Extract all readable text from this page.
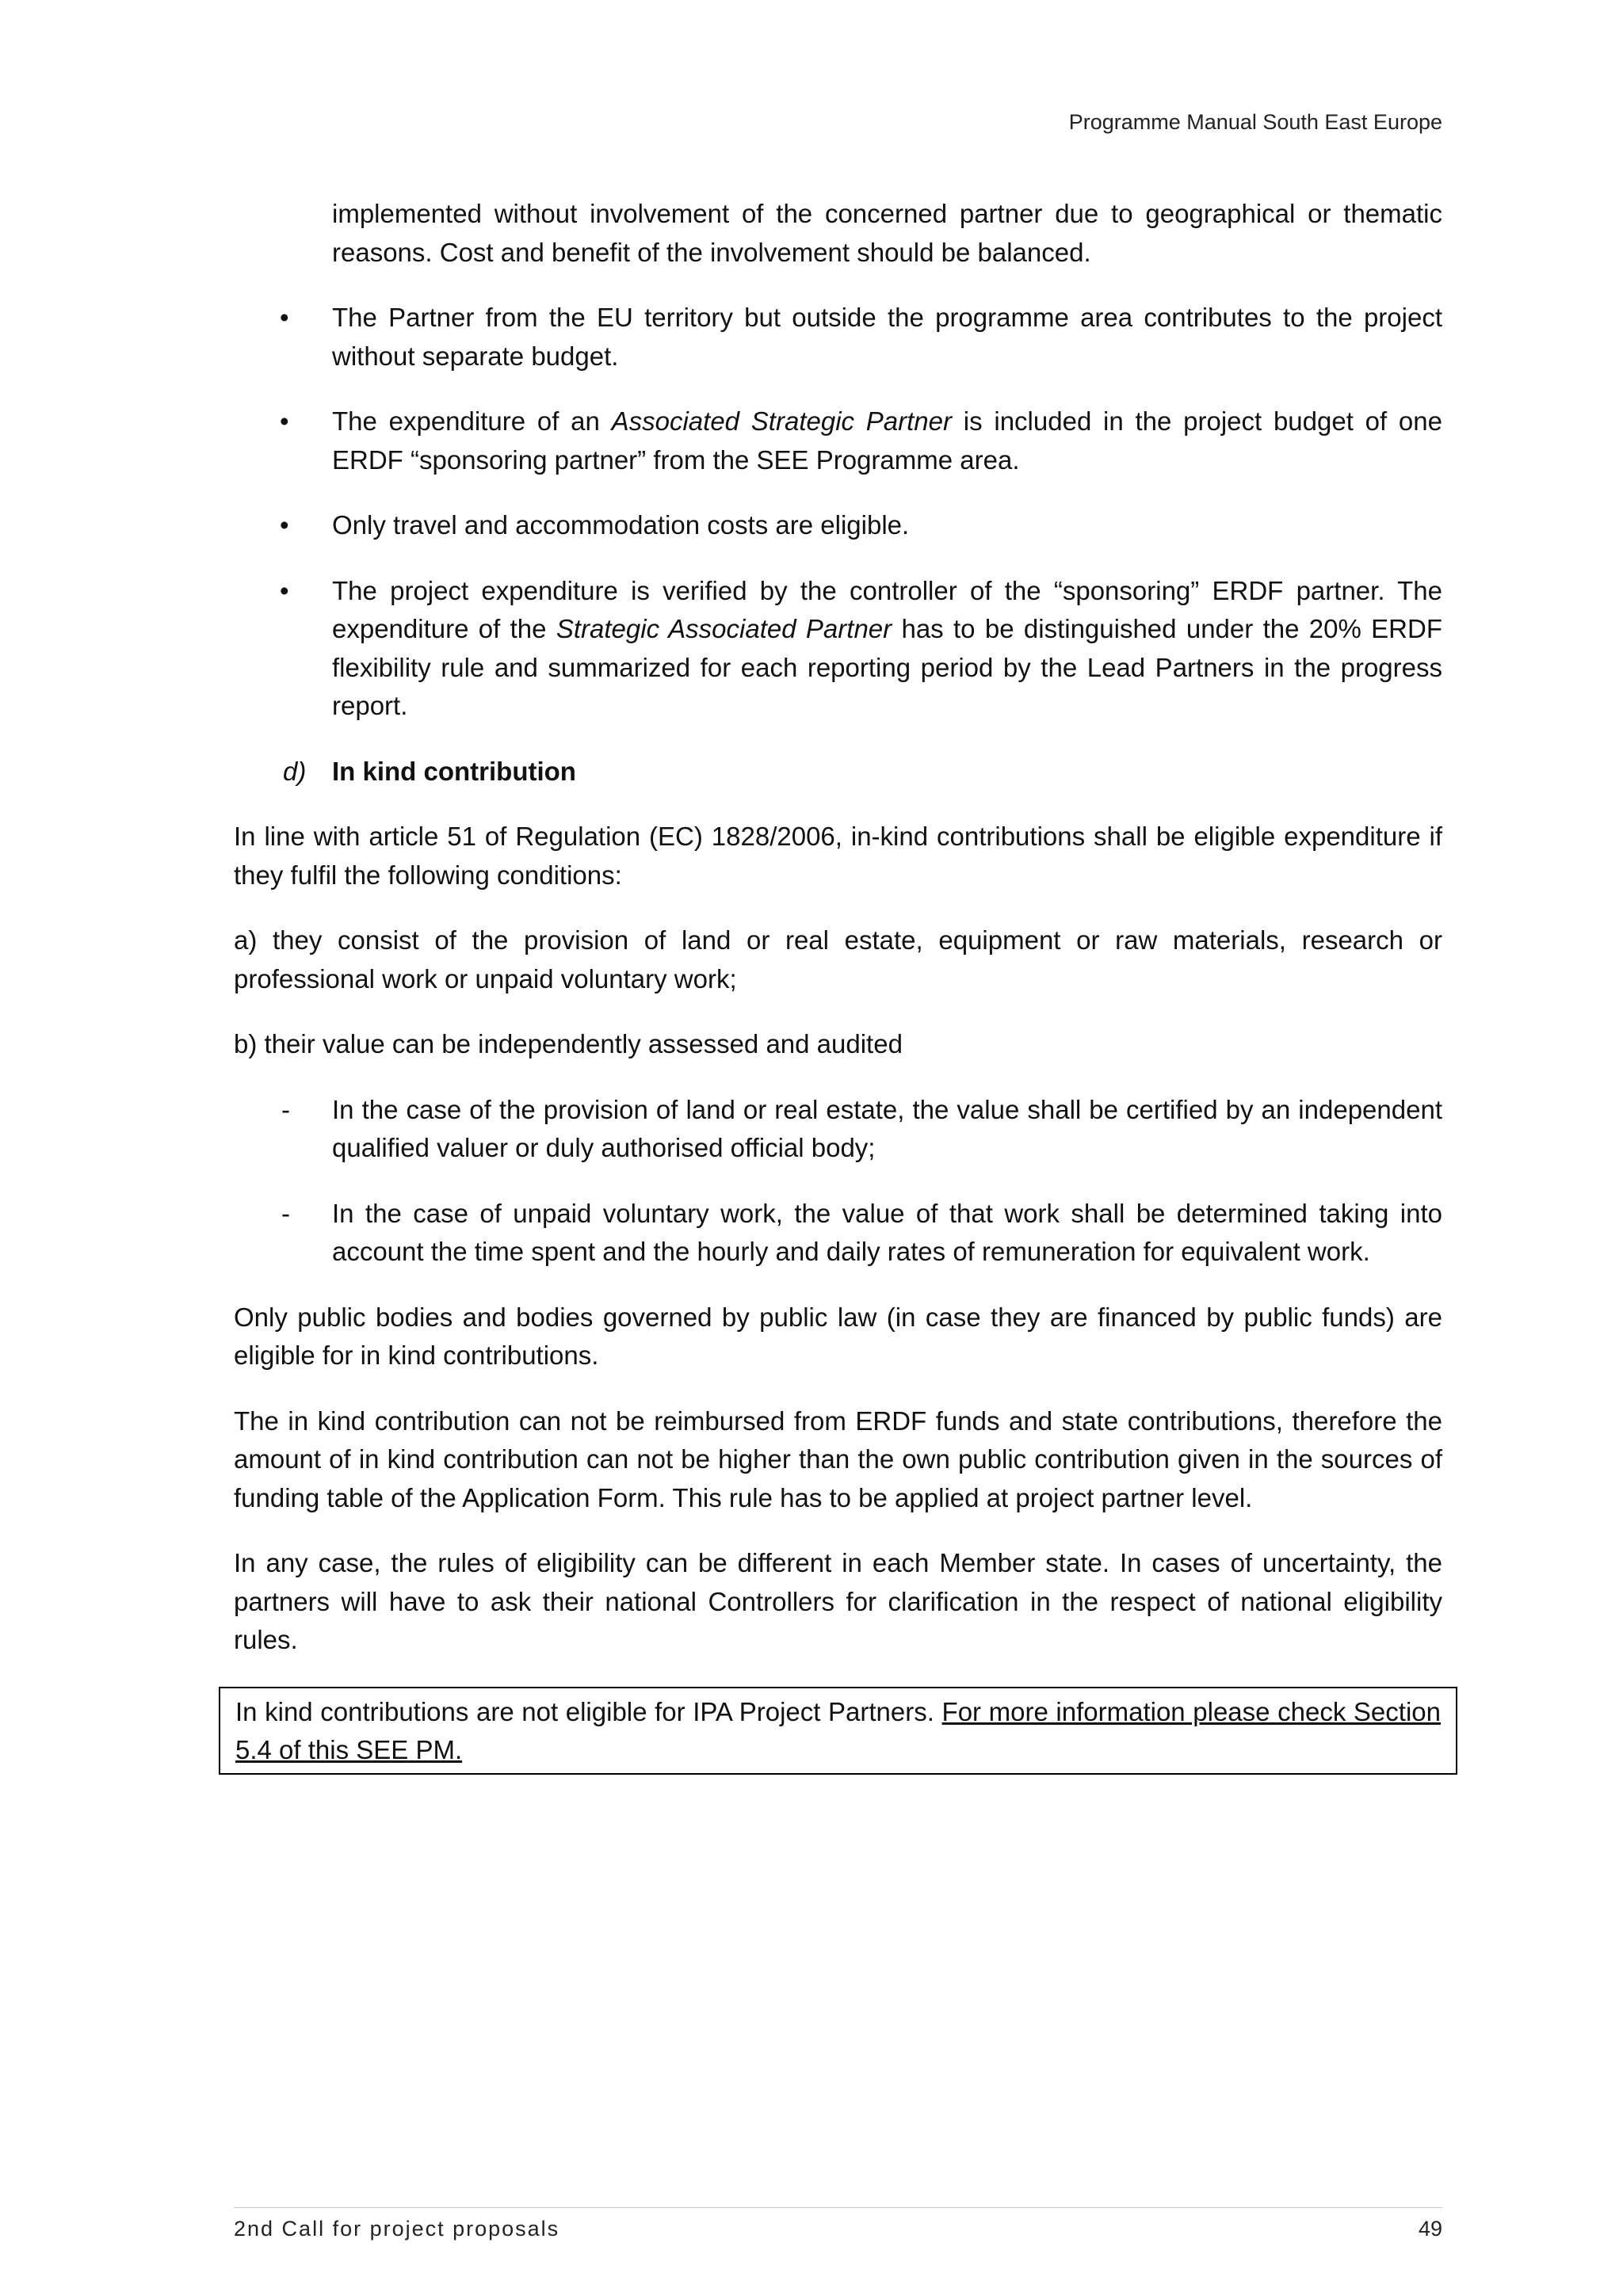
Programme Manual South East Europe

implemented without involvement of the concerned partner due to geographical or thematic reasons. Cost and benefit of the involvement should be balanced.

•	The Partner from the EU territory but outside the programme area contributes to the project without separate budget.
•	The expenditure of an Associated Strategic Partner is included in the project budget of one ERDF “sponsoring partner” from the SEE Programme area.
•	Only travel and accommodation costs are eligible.
•	The project expenditure is verified by the controller of the “sponsoring” ERDF partner. The expenditure of the Strategic Associated Partner has to be distinguished under the 20% ERDF flexibility rule and summarized for each reporting period by the Lead Partners in the progress report.
d) In kind contribution

In line with article 51 of Regulation (EC) 1828/2006, in-kind contributions shall be eligible expenditure if they fulfil the following conditions:

a) they consist of the provision of land or real estate, equipment or raw materials, research or professional work or unpaid voluntary work;

b) their value can be independently assessed and audited

-	In the case of the provision of land or real estate, the value shall be certified by an independent qualified valuer or duly authorised official body;
-	In the case of unpaid voluntary work, the value of that work shall be determined taking into account the time spent and the hourly and daily rates of remuneration for equivalent work.

Only public bodies and bodies governed by public law (in case they are financed by public funds) are eligible for in kind contributions.

The in kind contribution can not be reimbursed from ERDF funds and state contributions, therefore the amount of in kind contribution can not be higher than the own public contribution given in the sources of funding table of the Application Form. This rule has to be applied at project partner level.

In any case, the rules of eligibility can be different in each Member state. In cases of uncertainty, the partners will have to ask their national Controllers for clarification in the respect of national eligibility rules.

In kind contributions are not eligible for IPA Project Partners. For more information please check Section 5.4 of this SEE PM.

2nd Call for project proposals	49
